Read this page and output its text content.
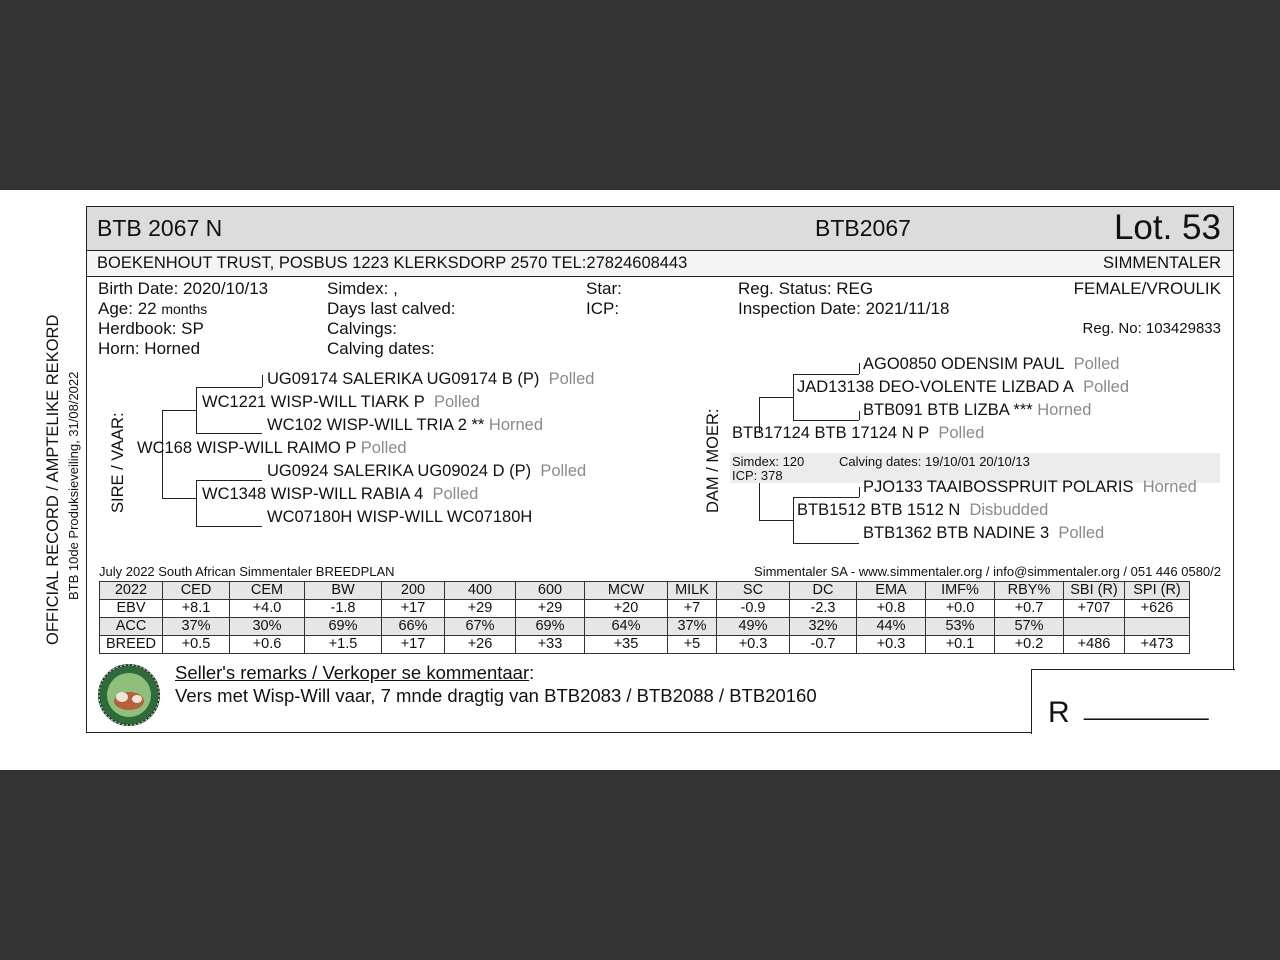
OFFICIAL RECORD / AMPTELIKE REKORD BTB 10de Produksieveiling, 31/08/2022
BTB 2067 N	BTB2067	Lot. 53
BOEKENHOUT TRUST, POSBUS 1223 KLERKSDORP 2570 TEL:27824608443	SIMMENTALER
Birth Date: 2020/10/13
Age: 22 months
Herdbook: SP
Horn: Horned
Simdex: ,
Days last calved:
Calvings:
Calving dates:
Star:
ICP:
Reg. Status: REG
Inspection Date: 2021/11/18
FEMALE/VROULIK
Reg. No: 103429833
SIRE / VAAR:
UG09174 SALERIKA UG09174 B (P) Polled
WC1221 WISP-WILL TIARK P Polled
WC102 WISP-WILL TRIA 2 ** Horned
WC168 WISP-WILL RAIMO P Polled
UG0924 SALERIKA UG09024 D (P) Polled
WC1348 WISP-WILL RABIA 4 Polled
WC07180H WISP-WILL WC07180H
DAM / MOER:
AGO0850 ODENSIM PAUL Polled
JAD13138 DEO-VOLENTE LIZBAD A Polled
BTB091 BTB LIZBA *** Horned
BTB17124 BTB 17124 N P Polled
Simdex: 120	Calving dates: 19/10/01 20/10/13
ICP: 378
PJO133 TAAIBOSSPRUIT POLARIS Horned
BTB1512 BTB 1512 N Disbudded
BTB1362 BTB NADINE 3 Polled
July 2022 South African Simmentaler BREEDPLAN	Simmentaler SA - www.simmentaler.org / info@simmentaler.org / 051 446 0580/2
2022	CED	CEM	BW	200	400	600	MCW	MILK	SC	DC	EMA	IMF%	RBY%	SBI (R)	SPI (R)
EBV	+8.1	+4.0	-1.8	+17	+29	+29	+20	+7	-0.9	-2.3	+0.8	+0.0	+0.7	+707	+626
ACC	37%	30%	69%	66%	67%	69%	64%	37%	49%	32%	44%	53%	57%		
BREED	+0.5	+0.6	+1.5	+17	+26	+33	+35	+5	+0.3	-0.7	+0.3	+0.1	+0.2	+486	+473
Seller's remarks / Verkoper se kommentaar:
Vers met Wisp-Will vaar, 7 mnde dragtig van BTB2083 / BTB2088 / BTB20160
R __________
